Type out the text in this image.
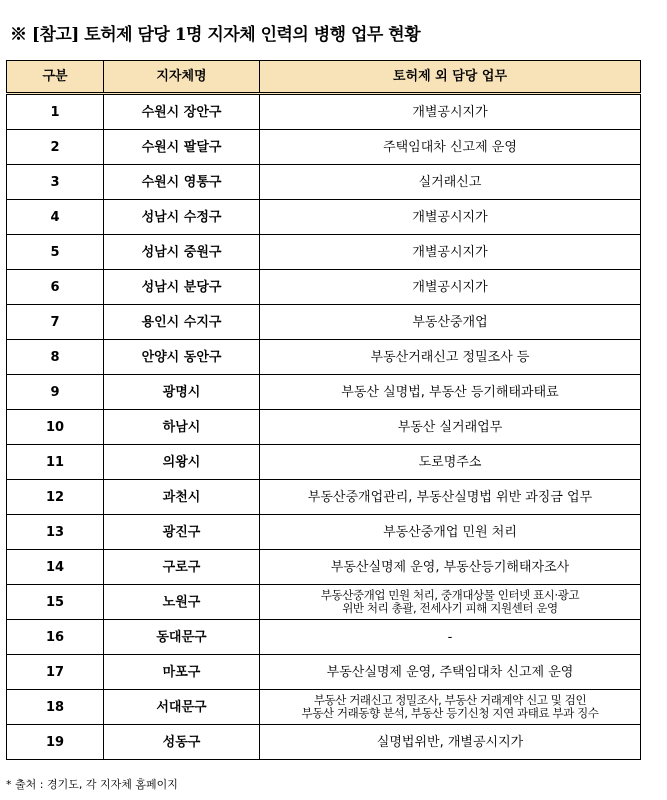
※ [참고] 토허제 담당 1명 지자체 인력의 병행 업무 현황
구분	지자체명	토허제 외 담당 업무
1	수원시 장안구	개별공시지가
2	수원시 팔달구	주택임대차 신고제 운영
3	수원시 영통구	실거래신고
4	성남시 수정구	개별공시지가
5	성남시 중원구	개별공시지가
6	성남시 분당구	개별공시지가
7	용인시 수지구	부동산중개업
8	안양시 동안구	부동산거래신고 정밀조사 등
9	광명시	부동산 실명법, 부동산 등기해태과태료
10	하남시	부동산 실거래업무
11	의왕시	도로명주소
12	과천시	부동산중개업관리, 부동산실명법 위반 과징금 업무
13	광진구	부동산중개업 민원 처리
14	구로구	부동산실명제 운영, 부동산등기해태자조사
15	노원구	부동산중개업 민원 처리, 중개대상물 인터넷 표시·광고
위반 처리 총괄, 전세사기 피해 지원센터 운영

16	동대문구	-
17	마포구	부동산실명제 운영, 주택임대차 신고제 운영
18	서대문구	부동산 거래신고 정밀조사, 부동산 거래계약 신고 및 검인
부동산 거래동향 분석, 부동산 등기신청 지연 과태료 부과 징수

19	성동구	실명법위반, 개별공시지가
* 출처 : 경기도, 각 지자체 홈페이지
